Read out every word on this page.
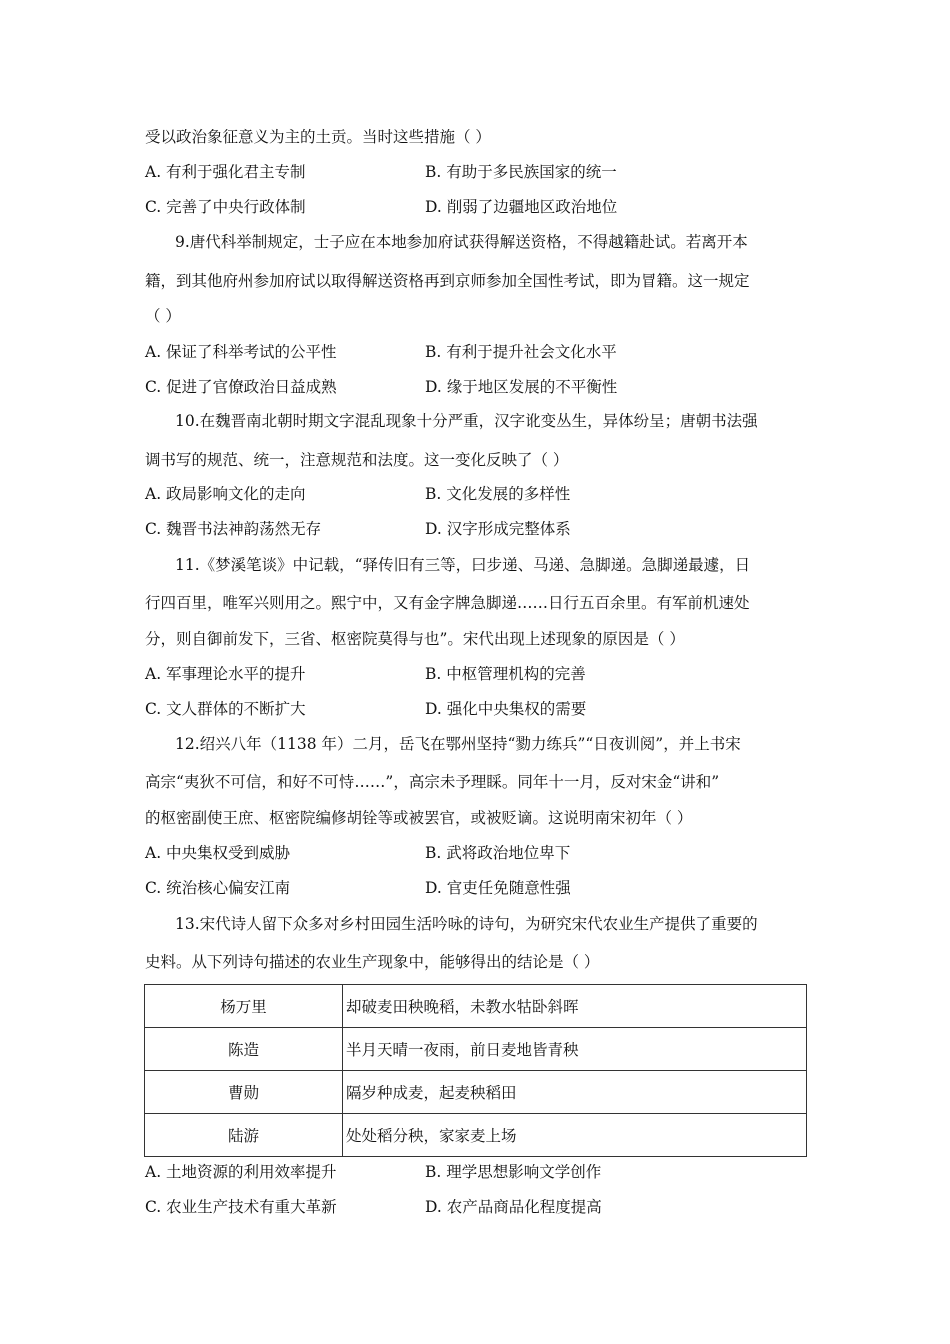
受以政治象征意义为主的土贡。当时这些措施（ ）
A. 有利于强化君主专制	B. 有助于多民族国家的统一
C. 完善了中央行政体制	D. 削弱了边疆地区政治地位
9.唐代科举制规定，士子应在本地参加府试获得解送资格，不得越籍赴试。若离开本
籍，到其他府州参加府试以取得解送资格再到京师参加全国性考试，即为冒籍。这一规定
（ ）
A. 保证了科举考试的公平性	B. 有利于提升社会文化水平
C. 促进了官僚政治日益成熟	D. 缘于地区发展的不平衡性
10.在魏晋南北朝时期文字混乱现象十分严重，汉字讹变丛生，异体纷呈；唐朝书法强
调书写的规范、统一，注意规范和法度。这一变化反映了（ ）
A. 政局影响文化的走向	B. 文化发展的多样性
C. 魏晋书法神韵荡然无存	D. 汉字形成完整体系
11.《梦溪笔谈》中记载，“驿传旧有三等，曰步递、马递、急脚递。急脚递最遽，日
行四百里，唯军兴则用之。熙宁中，又有金字牌急脚递……日行五百余里。有军前机速处
分，则自御前发下，三省、枢密院莫得与也”。宋代出现上述现象的原因是（ ）
A. 军事理论水平的提升	B. 中枢管理机构的完善
C. 文人群体的不断扩大	D. 强化中央集权的需要
12.绍兴八年（1138 年）二月，岳飞在鄂州坚持“勠力练兵”“日夜训阅”，并上书宋
高宗“夷狄不可信，和好不可恃……”，高宗未予理睬。同年十一月，反对宋金“讲和”
的枢密副使王庶、枢密院编修胡铨等或被罢官，或被贬谪。这说明南宋初年（ ）
A. 中央集权受到威胁	B. 武将政治地位卑下
C. 统治核心偏安江南	D. 官吏任免随意性强
13.宋代诗人留下众多对乡村田园生活吟咏的诗句，为研究宋代农业生产提供了重要的
史料。从下列诗句描述的农业生产现象中，能够得出的结论是（ ）
杨万里	却破麦田秧晚稻，未教水牯卧斜晖
陈造	半月天晴一夜雨，前日麦地皆青秧
曹勋	隔岁种成麦，起麦秧稻田
陆游	处处稻分秧，家家麦上场
A. 土地资源的利用效率提升	B. 理学思想影响文学创作
C. 农业生产技术有重大革新	D. 农产品商品化程度提高
